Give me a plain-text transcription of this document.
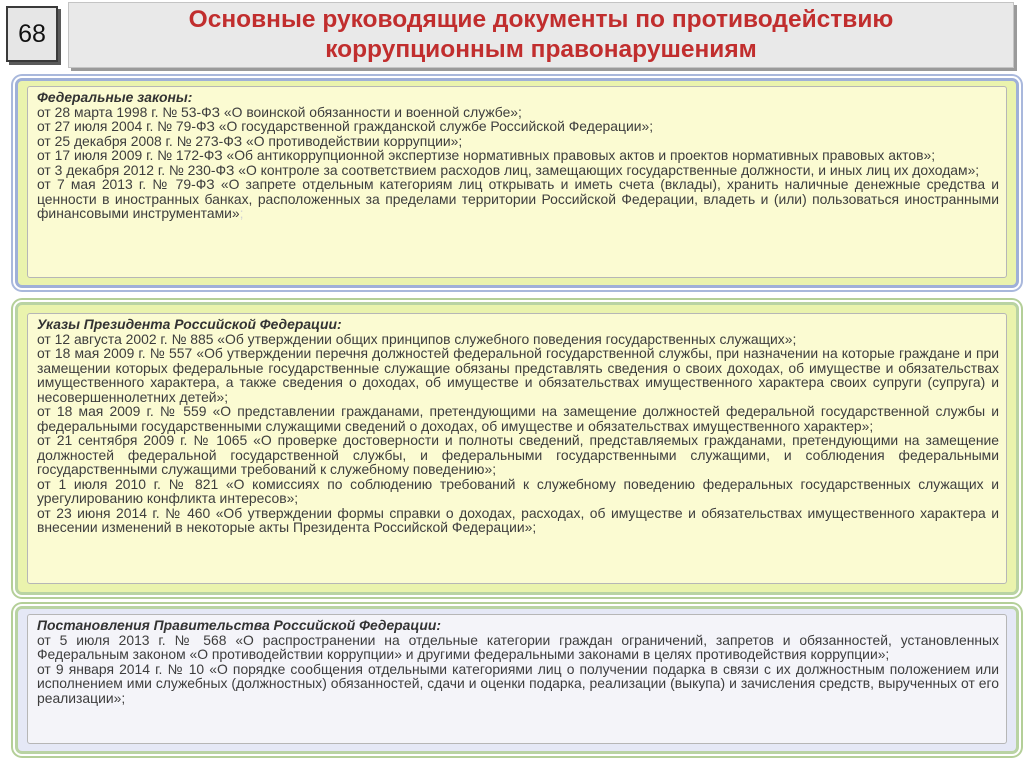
68	Основные руководящие документы по противодействию
коррупционным правонарушениям
Федеральные законы:

от 28 марта 1998 г. № 53-ФЗ «О воинской обязанности и военной службе»;

от 27 июля 2004 г. № 79-ФЗ «О государственной гражданской службе Российской Федерации»;

от 25 декабря 2008 г. № 273-ФЗ «О противодействии коррупции»;

от 17 июля 2009 г. № 172-ФЗ «Об антикоррупционной экспертизе нормативных правовых актов и проектов нормативных правовых актов»;

от 3 декабря 2012 г. № 230-ФЗ «О контроле за соответствием расходов лиц, замещающих государственные должности, и иных лиц их доходам»;

от 7 мая 2013 г. № 79-ФЗ «О запрете отдельным категориям лиц открывать и иметь счета (вклады), хранить наличные денежные средства и ценности в иностранных банках, расположенных за пределами территории Российской Федерации, владеть и (или) пользоваться иностранными финансовыми инструментами»;

Указы Президента Российской Федерации:

от 12 августа 2002 г. № 885 «Об утверждении общих принципов служебного поведения государственных служащих»;

от 18 мая 2009 г. № 557 «Об утверждении перечня должностей федеральной государственной службы, при назначении на которые граждане и при замещении которых федеральные государственные служащие обязаны представлять сведения о своих доходах, об имуществе и обязательствах имущественного характера, а также сведения о доходах, об имуществе и обязательствах имущественного характера своих супруги (супруга) и несовершеннолетних детей»;

от 18 мая 2009 г. № 559 «О представлении гражданами, претендующими на замещение должностей федеральной государственной службы и федеральными государственными служащими сведений о доходах, об имуществе и обязательствах имущественного характер»;

от 21 сентября 2009 г. № 1065 «О проверке достоверности и полноты сведений, представляемых гражданами, претендующими на замещение должностей федеральной государственной службы, и федеральными государственными служащими, и соблюдения федеральными государственными служащими требований к служебному поведению»;

от 1 июля 2010 г. № 821 «О комиссиях по соблюдению требований к служебному поведению федеральных государственных служащих и урегулированию конфликта интересов»;

от 23 июня 2014 г. № 460 «Об утверждении формы справки о доходах, расходах, об имуществе и обязательствах имущественного характера и внесении изменений в некоторые акты Президента Российской Федерации»;

Постановления Правительства Российской Федерации:

от 5 июля 2013 г. № 568 «О распространении на отдельные категории граждан ограничений, запретов и обязанностей, установленных Федеральным законом «О противодействии коррупции» и другими федеральными законами в целях противодействия коррупции»;

от 9 января 2014 г. № 10 «О порядке сообщения отдельными категориями лиц о получении подарка в связи с их должностным положением или исполнением ими служебных (должностных) обязанностей, сдачи и оценки подарка, реализации (выкупа) и зачисления средств, вырученных от его реализации»;
